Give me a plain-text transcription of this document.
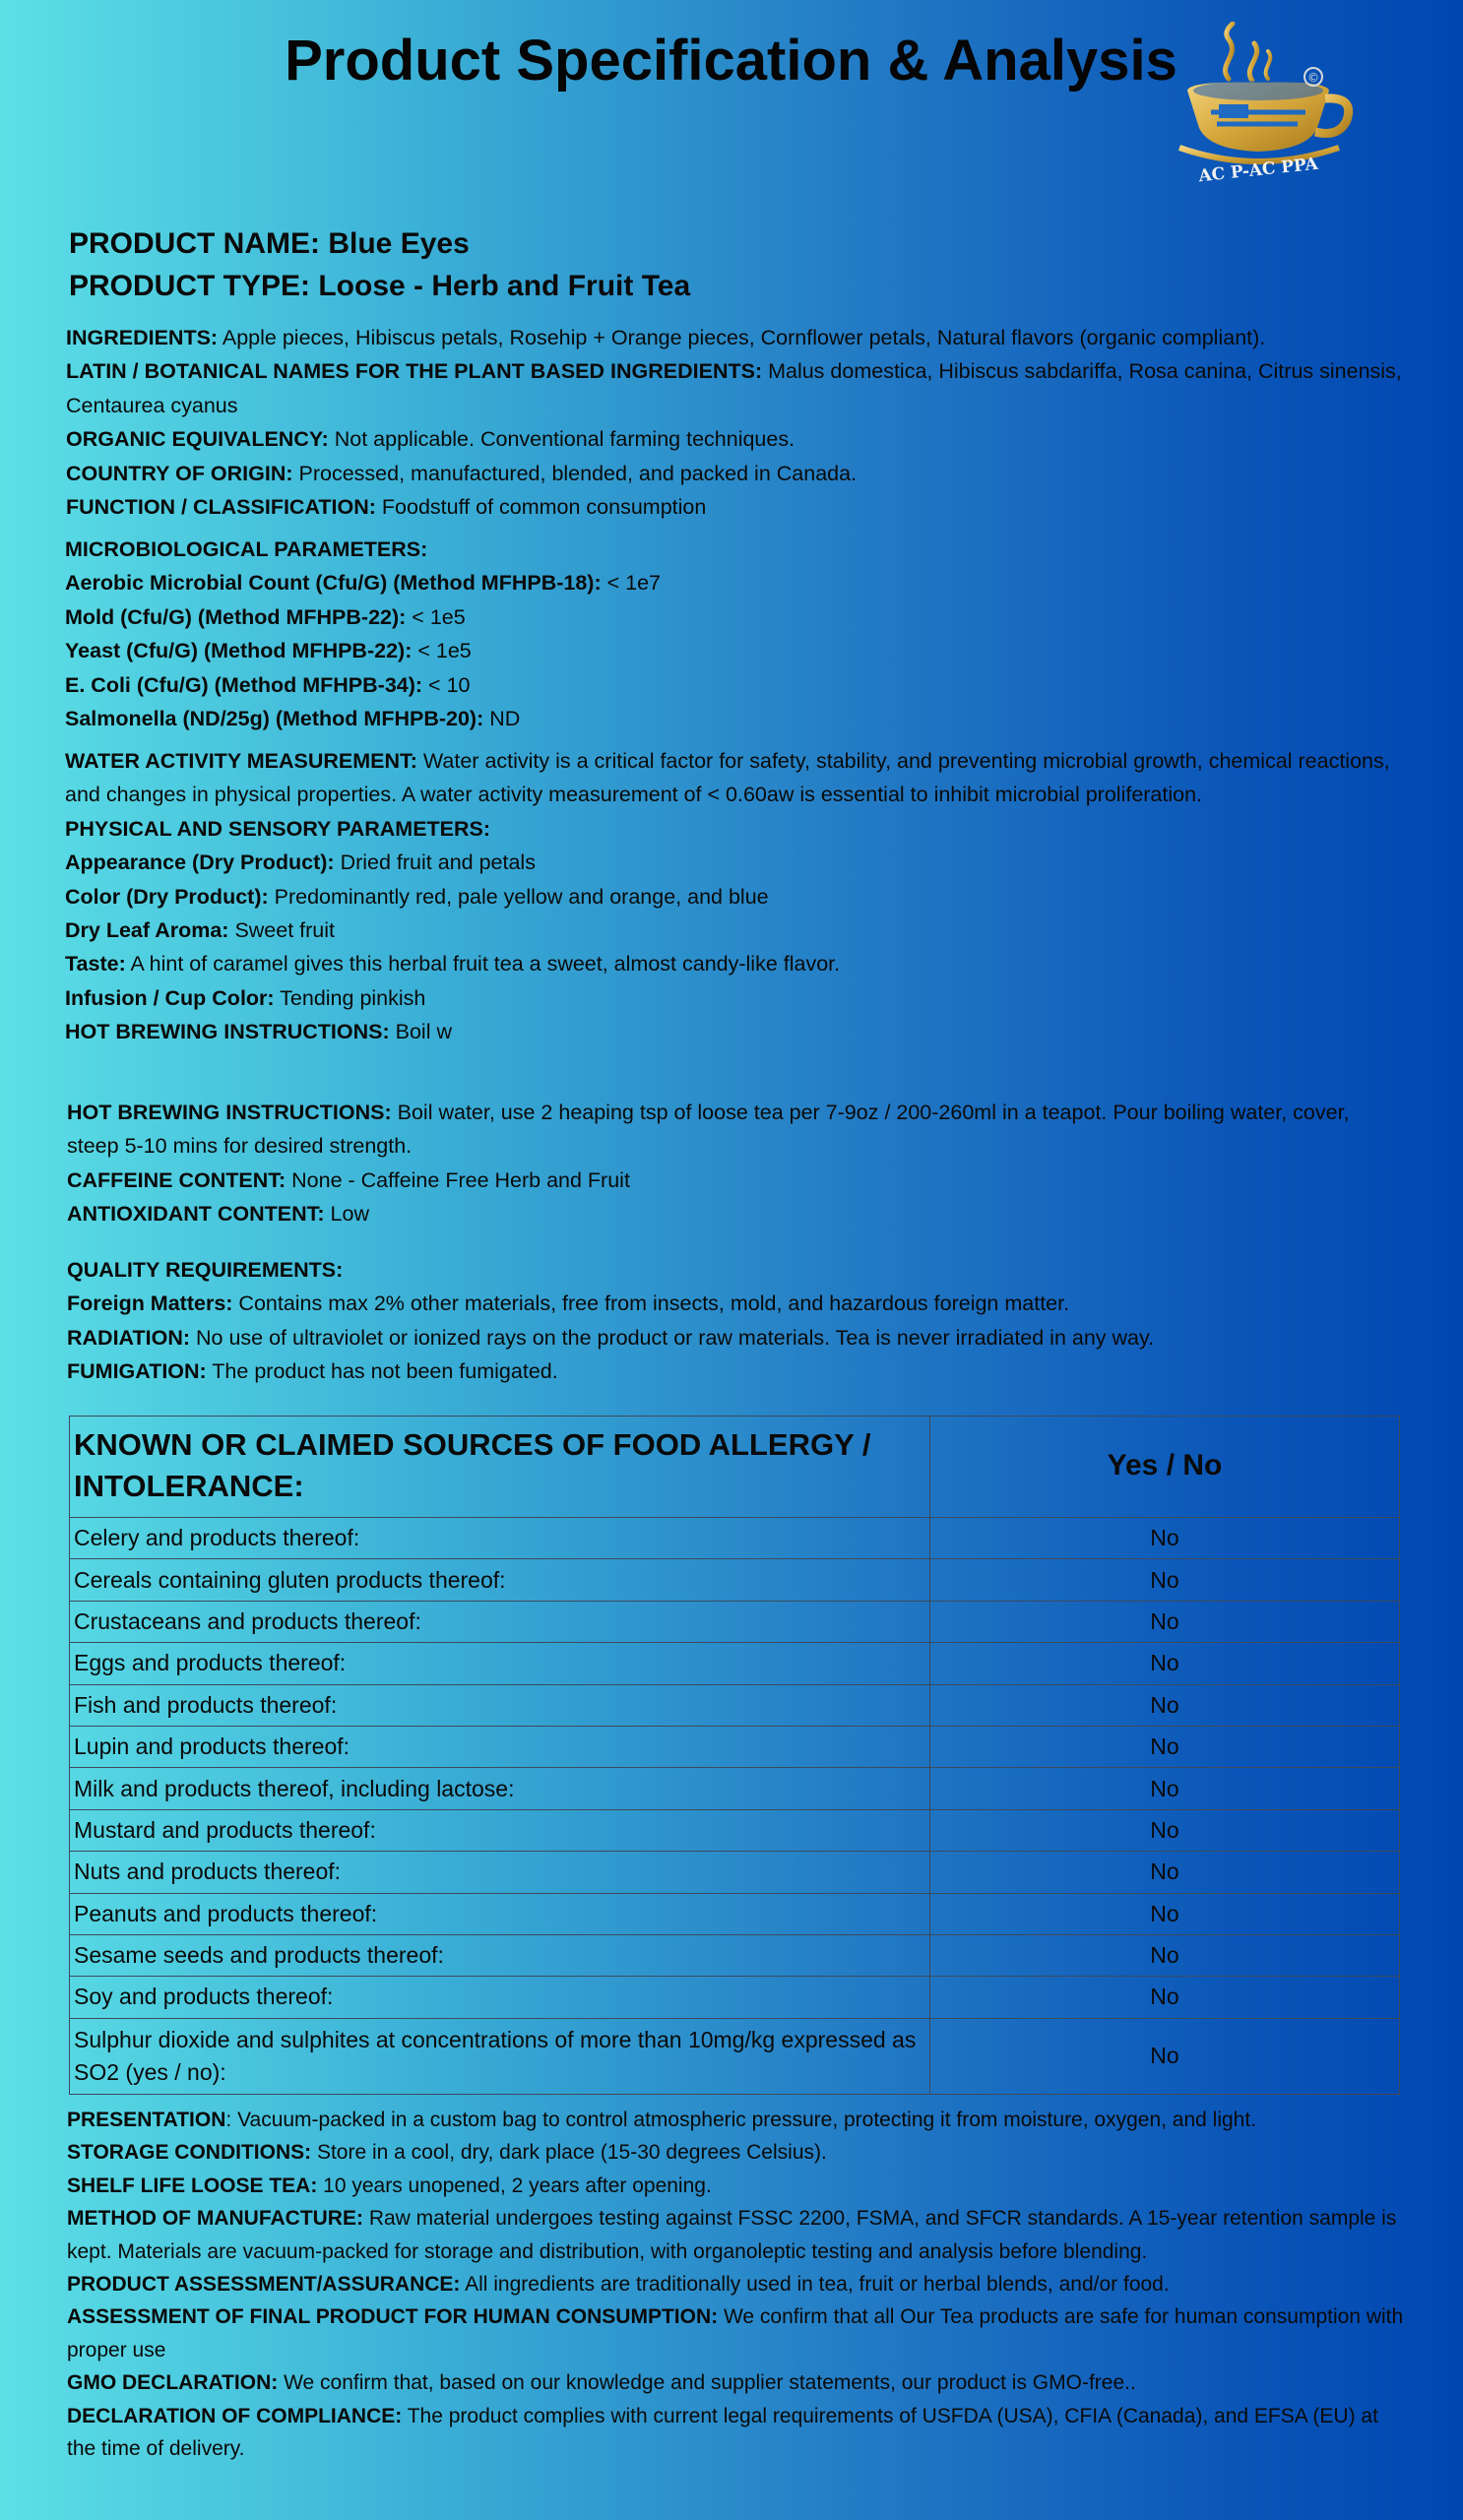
Product Specification & Analysis	©
AC P-AC PPA
PRODUCT NAME: Blue Eyes
PRODUCT TYPE: Loose - Herb and Fruit Tea
INGREDIENTS: Apple pieces, Hibiscus petals, Rosehip + Orange pieces, Cornflower petals, Natural flavors (organic compliant).
LATIN / BOTANICAL NAMES FOR THE PLANT BASED INGREDIENTS: Malus domestica, Hibiscus sabdariffa, Rosa canina, Citrus sinensis, Centaurea cyanus
ORGANIC EQUIVALENCY: Not applicable. Conventional farming techniques.
COUNTRY OF ORIGIN: Processed, manufactured, blended, and packed in Canada.
FUNCTION / CLASSIFICATION: Foodstuff of common consumption
MICROBIOLOGICAL PARAMETERS:
Aerobic Microbial Count (Cfu/G) (Method MFHPB-18): < 1e7
Mold (Cfu/G) (Method MFHPB-22): < 1e5
Yeast (Cfu/G) (Method MFHPB-22): < 1e5
E. Coli (Cfu/G) (Method MFHPB-34): < 10
Salmonella (ND/25g) (Method MFHPB-20): ND
WATER ACTIVITY MEASUREMENT: Water activity is a critical factor for safety, stability, and preventing microbial growth, chemical reactions, and changes in physical properties. A water activity measurement of < 0.60aw is essential to inhibit microbial proliferation.
PHYSICAL AND SENSORY PARAMETERS:
Appearance (Dry Product): Dried fruit and petals
Color (Dry Product): Predominantly red, pale yellow and orange, and blue
Dry Leaf Aroma: Sweet fruit
Taste: A hint of caramel gives this herbal fruit tea a sweet, almost candy-like flavor.
Infusion / Cup Color: Tending pinkish
HOT BREWING INSTRUCTIONS: Boil w
HOT BREWING INSTRUCTIONS: Boil water, use 2 heaping tsp of loose tea per 7-9oz / 200-260ml in a teapot. Pour boiling water, cover, steep 5-10 mins for desired strength.
CAFFEINE CONTENT: None - Caffeine Free Herb and Fruit
ANTIOXIDANT CONTENT: Low
QUALITY REQUIREMENTS:
Foreign Matters: Contains max 2% other materials, free from insects, mold, and hazardous foreign matter.
RADIATION: No use of ultraviolet or ionized rays on the product or raw materials. Tea is never irradiated in any way.
FUMIGATION: The product has not been fumigated.
KNOWN OR CLAIMED SOURCES OF FOOD ALLERGY / INTOLERANCE:	Yes / No
Celery and products thereof:	No
Cereals containing gluten products thereof:	No
Crustaceans and products thereof:	No
Eggs and products thereof:	No
Fish and products thereof:	No
Lupin and products thereof:	No
Milk and products thereof, including lactose:	No
Mustard and products thereof:	No
Nuts and products thereof:	No
Peanuts and products thereof:	No
Sesame seeds and products thereof:	No
Soy and products thereof:	No
Sulphur dioxide and sulphites at concentrations of more than 10mg/kg expressed as SO2 (yes / no):	No
PRESENTATION: Vacuum-packed in a custom bag to control atmospheric pressure, protecting it from moisture, oxygen, and light.
STORAGE CONDITIONS: Store in a cool, dry, dark place (15-30 degrees Celsius).
SHELF LIFE LOOSE TEA: 10 years unopened, 2 years after opening.
METHOD OF MANUFACTURE: Raw material undergoes testing against FSSC 2200, FSMA, and SFCR standards. A 15-year retention sample is kept. Materials are vacuum-packed for storage and distribution, with organoleptic testing and analysis before blending.
PRODUCT ASSESSMENT/ASSURANCE: All ingredients are traditionally used in tea, fruit or herbal blends, and/or food.
ASSESSMENT OF FINAL PRODUCT FOR HUMAN CONSUMPTION: We confirm that all Our Tea products are safe for human consumption with proper use
GMO DECLARATION: We confirm that, based on our knowledge and supplier statements, our product is GMO-free..
DECLARATION OF COMPLIANCE: The product complies with current legal requirements of USFDA (USA), CFIA (Canada), and EFSA (EU) at the time of delivery.
